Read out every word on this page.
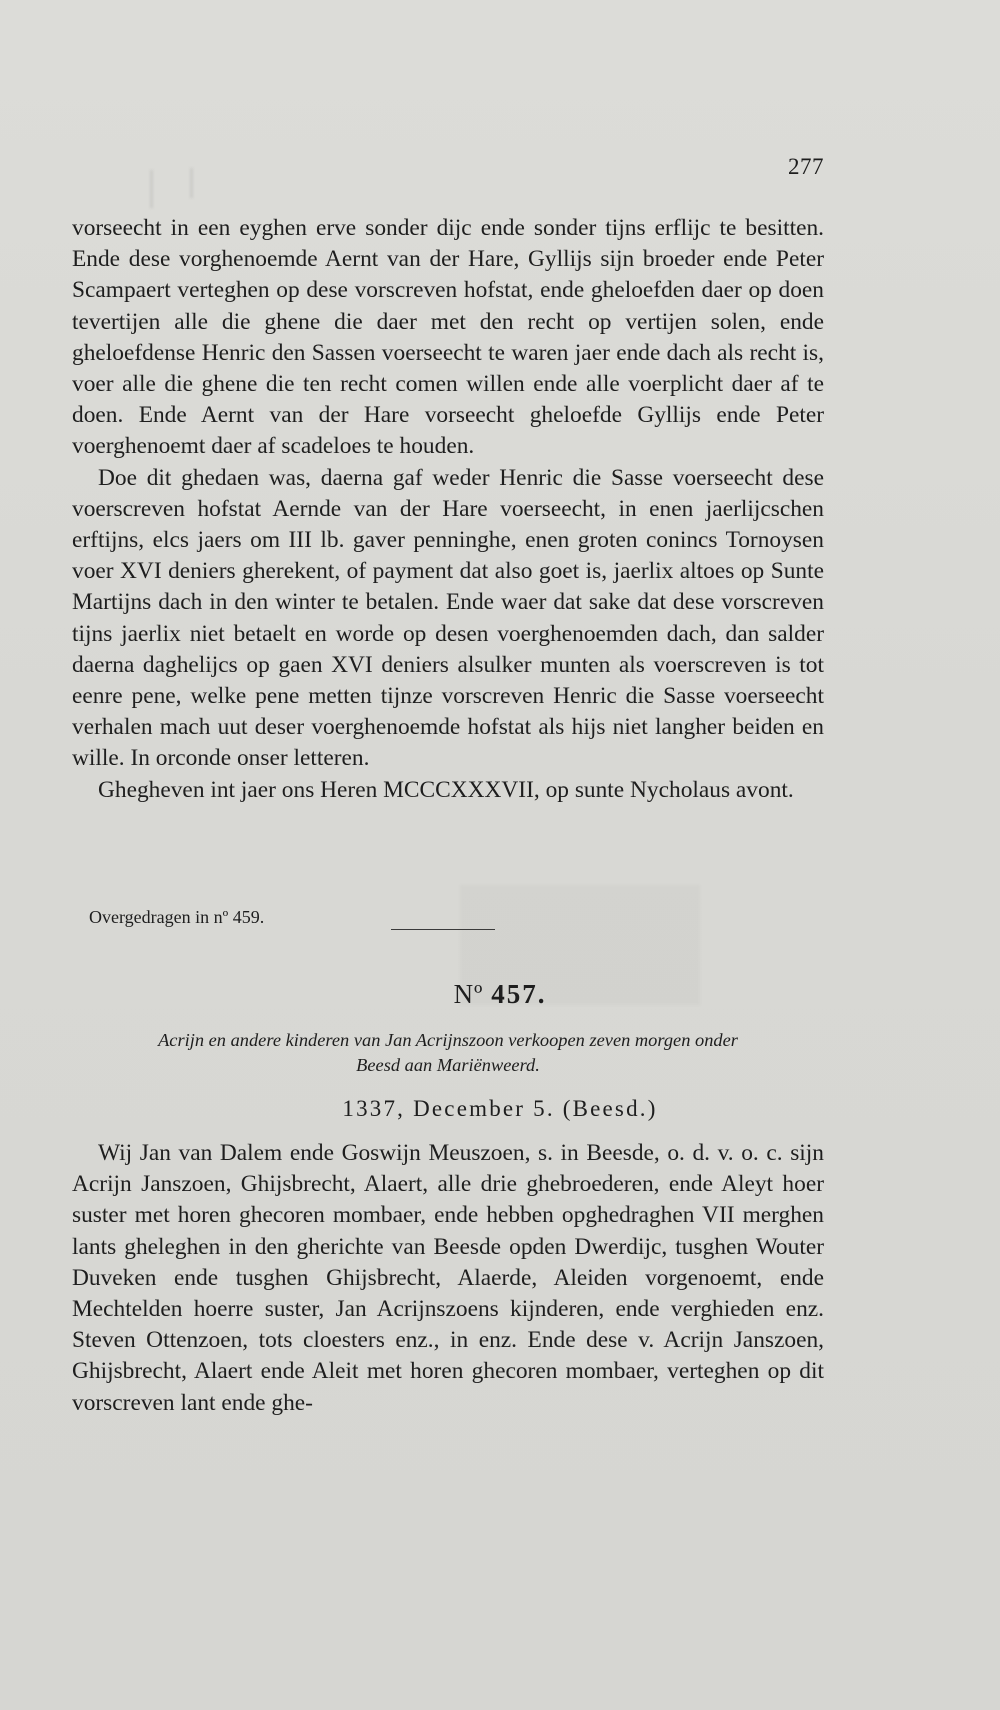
277

vorseecht in een eyghen erve sonder dijc ende sonder tijns erflijc te besitten. Ende dese vorghenoemde Aernt van der Hare, Gyllijs sijn broeder ende Peter Scampaert verteghen op dese vorscreven hofstat, ende gheloefden daer op doen tevertijen alle die ghene die daer met den recht op vertijen solen, ende gheloefdense Henric den Sassen voerseecht te waren jaer ende dach als recht is, voer alle die ghene die ten recht comen willen ende alle voerplicht daer af te doen. Ende Aernt van der Hare vorseecht gheloefde Gyllijs ende Peter voerghenoemt daer af scadeloes te houden.

Doe dit ghedaen was, daerna gaf weder Henric die Sasse voerseecht dese voerscreven hofstat Aernde van der Hare voerseecht, in enen jaerlijcschen erftijns, elcs jaers om III lb. gaver penninghe, enen groten conincs Tornoysen voer XVI deniers gherekent, of payment dat also goet is, jaerlix altoes op Sunte Martijns dach in den winter te betalen. Ende waer dat sake dat dese vorscreven tijns jaerlix niet betaelt en worde op desen voerghenoemden dach, dan salder daerna daghelijcs op gaen XVI deniers alsulker munten als voerscreven is tot eenre pene, welke pene metten tijnze vorscreven Henric die Sasse voerseecht verhalen mach uut deser voerghenoemde hofstat als hijs niet langher beiden en wille. In orconde onser letteren.

Ghegheven int jaer ons Heren MCCCXXXVII, op sunte Nycholaus avont.

Overgedragen in nº 459.
Nº 457.
Acrijn en andere kinderen van Jan Acrijnszoon verkoopen zeven morgen onder
Beesd aan Mariënweerd.
1337, December 5. (Beesd.)

Wij Jan van Dalem ende Goswijn Meuszoen, s. in Beesde, o. d. v. o. c. sijn Acrijn Janszoen, Ghijsbrecht, Alaert, alle drie ghebroederen, ende Aleyt hoer suster met horen ghecoren mombaer, ende hebben opghedraghen VII merghen lants gheleghen in den gherichte van Beesde opden Dwerdijc, tusghen Wouter Duveken ende tusghen Ghijsbrecht, Alaerde, Aleiden vorgenoemt, ende Mechtelden hoerre suster, Jan Acrijnszoens kijnderen, ende verghieden enz. Steven Ottenzoen, tots cloesters enz., in enz. Ende dese v. Acrijn Janszoen, Ghijsbrecht, Alaert ende Aleit met horen ghecoren mombaer, verteghen op dit vorscreven lant ende ghe-
